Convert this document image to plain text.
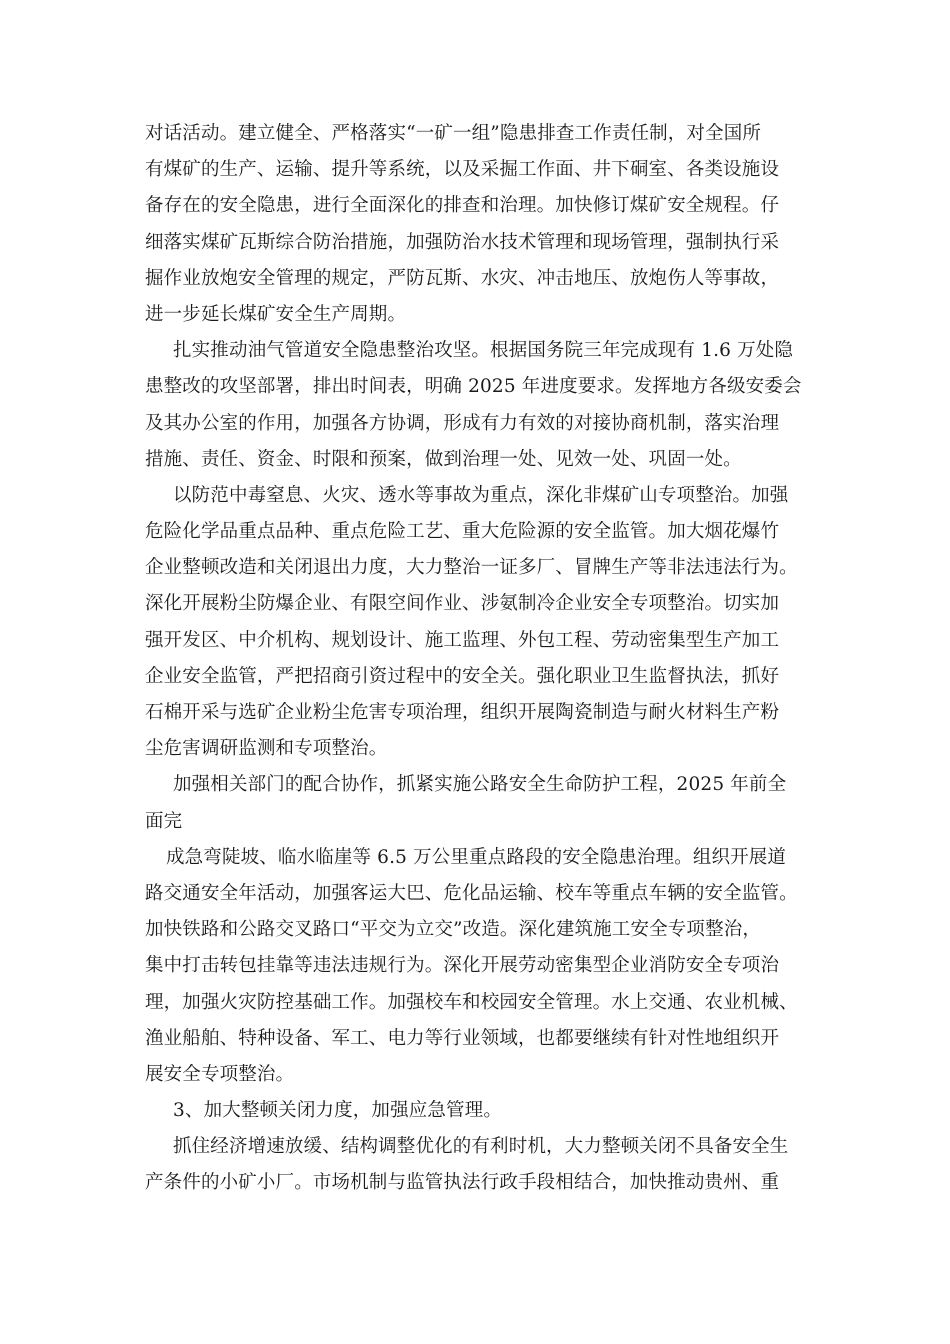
对话活动。建立健全、严格落实“一矿一组”隐患排查工作责任制，对全国所
有煤矿的生产、运输、提升等系统，以及采掘工作面、井下硐室、各类设施设
备存在的安全隐患，进行全面深化的排查和治理。加快修订煤矿安全规程。仔
细落实煤矿瓦斯综合防治措施，加强防治水技术管理和现场管理，强制执行采
掘作业放炮安全管理的规定，严防瓦斯、水灾、冲击地压、放炮伤人等事故，
进一步延长煤矿安全生产周期。
扎实推动油气管道安全隐患整治攻坚。根据国务院三年完成现有 1.6 万处隐
患整改的攻坚部署，排出时间表，明确 2025 年进度要求。发挥地方各级安委会
及其办公室的作用，加强各方协调，形成有力有效的对接协商机制，落实治理
措施、责任、资金、时限和预案，做到治理一处、见效一处、巩固一处。
以防范中毒窒息、火灾、透水等事故为重点，深化非煤矿山专项整治。加强
危险化学品重点品种、重点危险工艺、重大危险源的安全监管。加大烟花爆竹
企业整顿改造和关闭退出力度，大力整治一证多厂、冒牌生产等非法违法行为。
深化开展粉尘防爆企业、有限空间作业、涉氨制冷企业安全专项整治。切实加
强开发区、中介机构、规划设计、施工监理、外包工程、劳动密集型生产加工
企业安全监管，严把招商引资过程中的安全关。强化职业卫生监督执法，抓好
石棉开采与选矿企业粉尘危害专项治理，组织开展陶瓷制造与耐火材料生产粉
尘危害调研监测和专项整治。
加强相关部门的配合协作，抓紧实施公路安全生命防护工程，2025 年前全
面完
成急弯陡坡、临水临崖等 6.5 万公里重点路段的安全隐患治理。组织开展道
路交通安全年活动，加强客运大巴、危化品运输、校车等重点车辆的安全监管。
加快铁路和公路交叉路口“平交为立交”改造。深化建筑施工安全专项整治，
集中打击转包挂靠等违法违规行为。深化开展劳动密集型企业消防安全专项治
理，加强火灾防控基础工作。加强校车和校园安全管理。水上交通、农业机械、
渔业船舶、特种设备、军工、电力等行业领域，也都要继续有针对性地组织开
展安全专项整治。
3、加大整顿关闭力度，加强应急管理。
抓住经济增速放缓、结构调整优化的有利时机，大力整顿关闭不具备安全生
产条件的小矿小厂。市场机制与监管执法行政手段相结合，加快推动贵州、重
